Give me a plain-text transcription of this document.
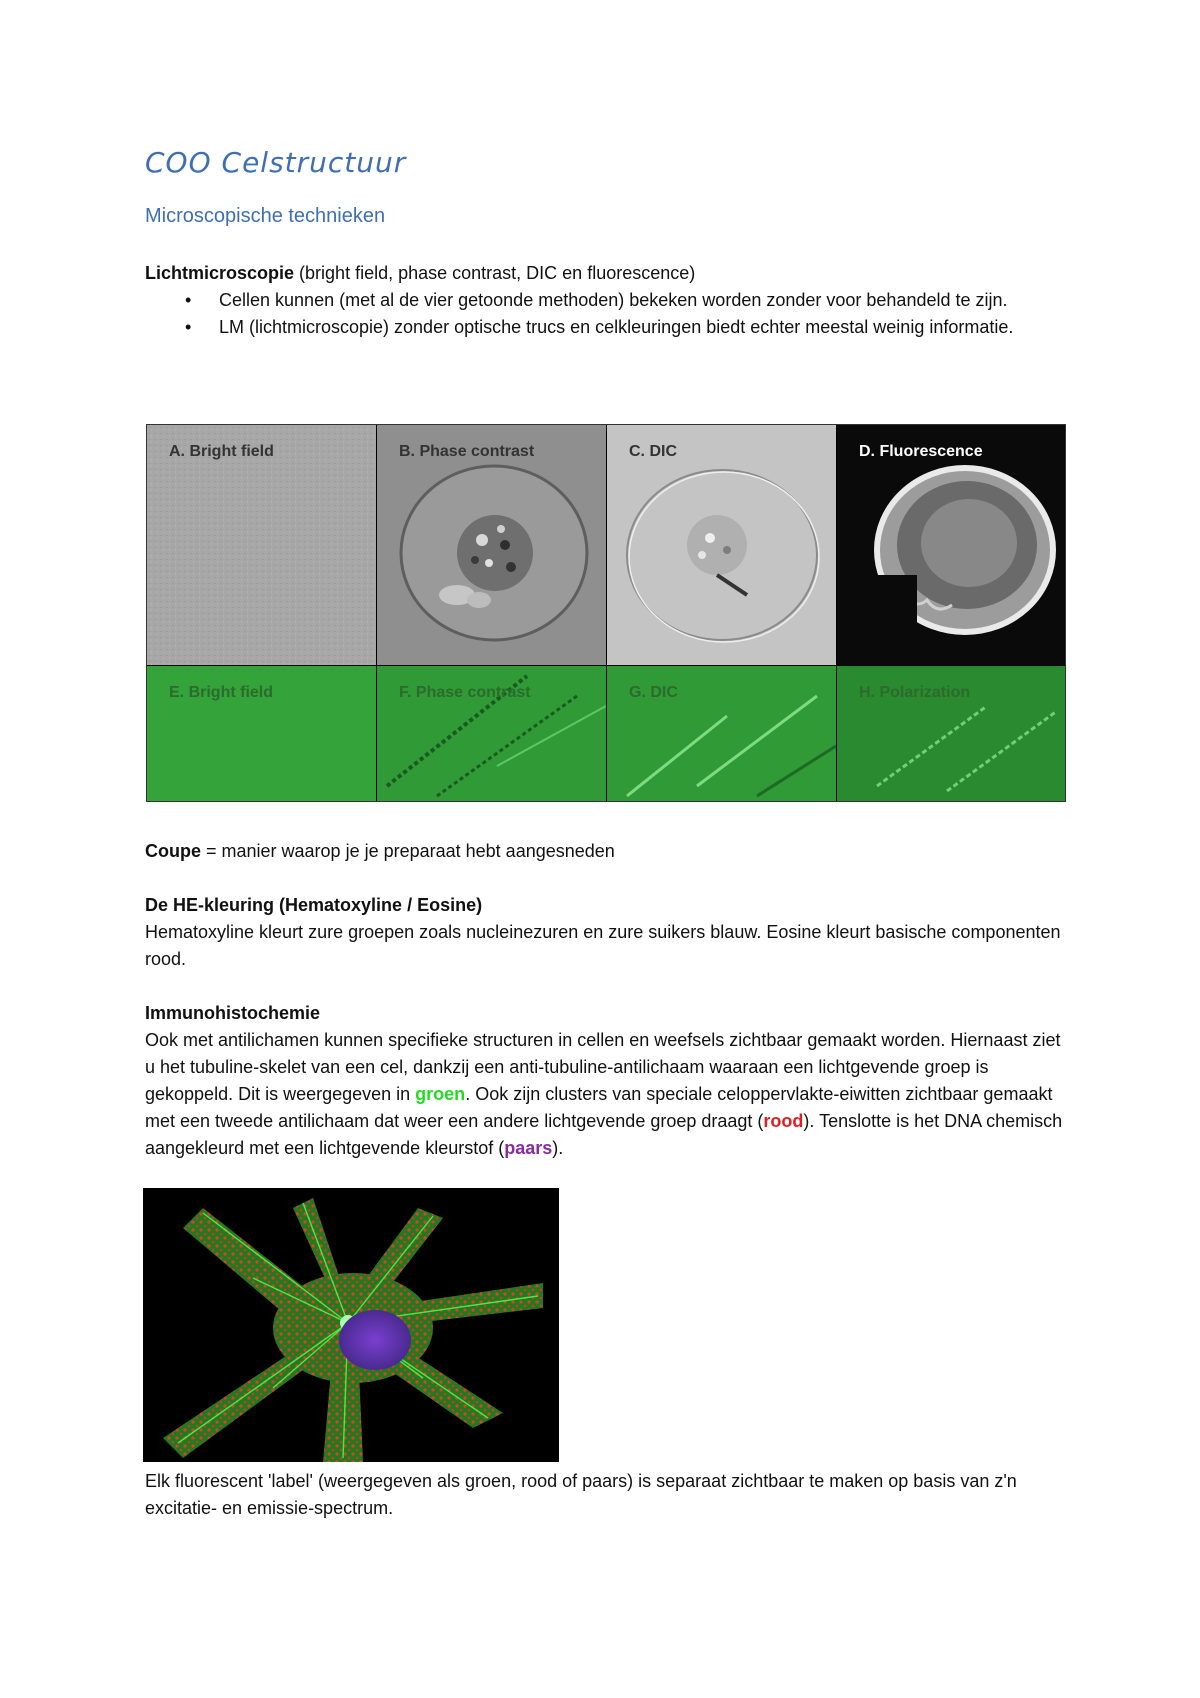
COO Celstructuur
Microscopische technieken
Lichtmicroscopie (bright field, phase contrast, DIC en fluorescence)
• Cellen kunnen (met al de vier getoonde methoden) bekeken worden zonder voor behandeld te zijn.
• LM (lichtmicroscopie) zonder optische trucs en celkleuringen biedt echter meestal weinig informatie.
A. Bright field	B. Phase contrast	C. DIC	D. Fluorescence
E. Bright field	F. Phase contrast	G. DIC	H. Polarization
Coupe = manier waarop je je preparaat hebt aangesneden
De HE-kleuring (Hematoxyline / Eosine)
Hematoxyline kleurt zure groepen zoals nucleinezuren en zure suikers blauw. Eosine kleurt basische componenten rood.
Immunohistochemie
Ook met antilichamen kunnen specifieke structuren in cellen en weefsels zichtbaar gemaakt worden. Hiernaast ziet u het tubuline-skelet van een cel, dankzij een anti-tubuline-antilichaam waaraan een lichtgevende groep is gekoppeld. Dit is weergegeven in groen. Ook zijn clusters van speciale celoppervlakte-eiwitten zichtbaar gemaakt met een tweede antilichaam dat weer een andere lichtgevende groep draagt (rood). Tenslotte is het DNA chemisch aangekleurd met een lichtgevende kleurstof (paars).
Elk fluorescent 'label' (weergegeven als groen, rood of paars) is separaat zichtbaar te maken op basis van z'n excitatie- en emissie-spectrum.
